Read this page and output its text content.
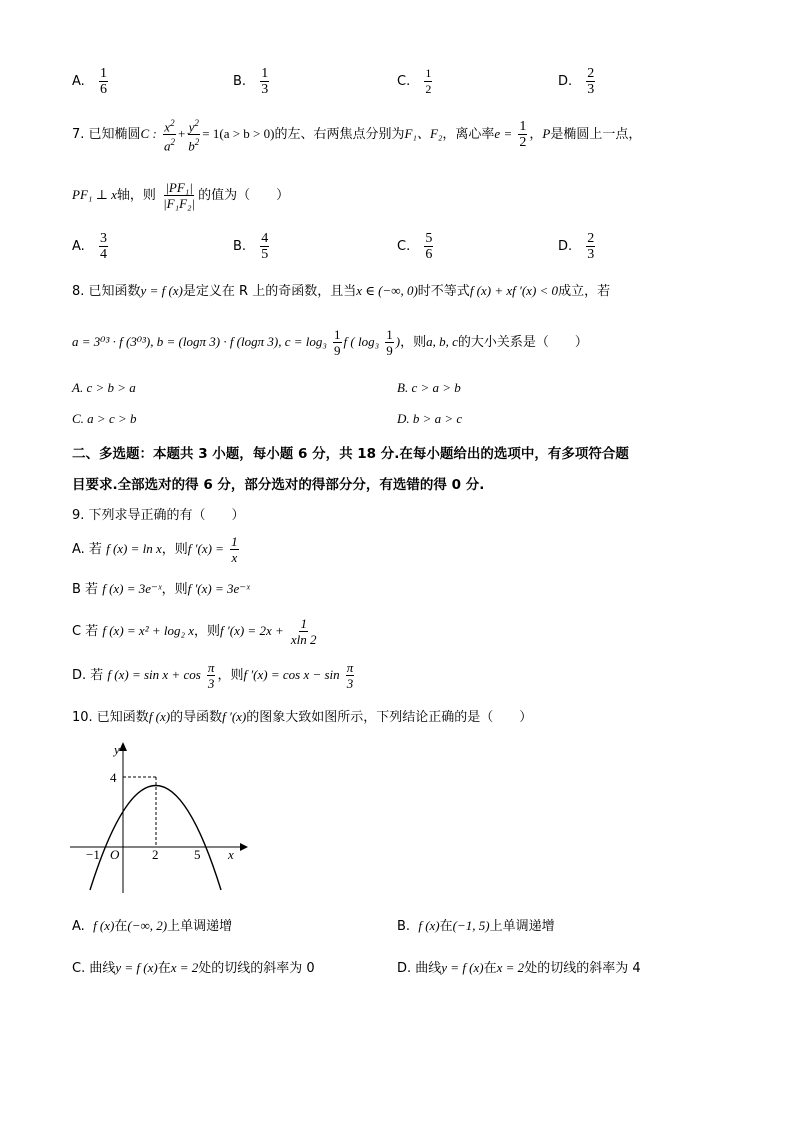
A. $\frac{1}{6}$	B. $\frac{1}{3}$	C. $\frac{1}{2}$	D. $\frac{2}{3}$
7. 已知椭圆C : $\frac{x^2}{a^2} + \frac{y^2}{b^2} = 1(a > b > 0)$的左、右两焦点分别为F₁、F₂，离心率$e = \frac{1}{2}$ ，P是椭圆上一点，
PF₁ ⊥ x轴，则 $\frac{\text{|PF₁|}}{\text{|F₁F₂|}}$ 的值为（　　）
A. $\frac{3}{4}$	B. $\frac{4}{5}$	C. $\frac{5}{6}$	D. $\frac{2}{3}$
8. 已知函数y = f (x)是定义在 R 上的奇函数，且当x ∈ (−∞, 0)时不等式f (x) + xf ′(x) < 0成立，若
a = 3⁰³ · f (3⁰³), b = (logπ 3) · f (logπ 3), $c = \log_3 \frac{1}{9}$ f ( $\log_3 \frac{1}{9}$ )，则a, b, c的大小关系是（　　）
A. c > b > a	B. c > a > b
C. a > c > b	D. b > a > c
二、多选题：本题共 3 小题，每小题 6 分，共 18 分.在每小题给出的选项中，有多项符合题
目要求.全部选对的得 6 分，部分选对的得部分分，有选错的得 0 分.
9. 下列求导正确的有（　　）
A. 若 f (x) = ln x，则f $'(x) = \frac{1}{x}$
B 若 f (x) = 3e⁻ˣ，则f ′(x) = 3e⁻ˣ
C 若 f (x) = x² + log₂ x，则f $'(x) = 2x + \frac{1}{xln 2}$
D. 若 f $(x) = \sin x + \cos \frac{\pi}{3}$ ，则f $'(x) = \cos x - \sin \frac{\pi}{3}$
10. 已知函数f (x)的导函数f ′(x)的图象大致如图所示，下列结论正确的是（　　）
y
x
O
−1	2	5
4
A. f (x)在(−∞, 2)上单调递增	B. f (x)在(−1, 5)上单调递增
C. 曲线y = f (x)在x = 2处的切线的斜率为 0	D. 曲线y = f (x)在x = 2处的切线的斜率为 4
